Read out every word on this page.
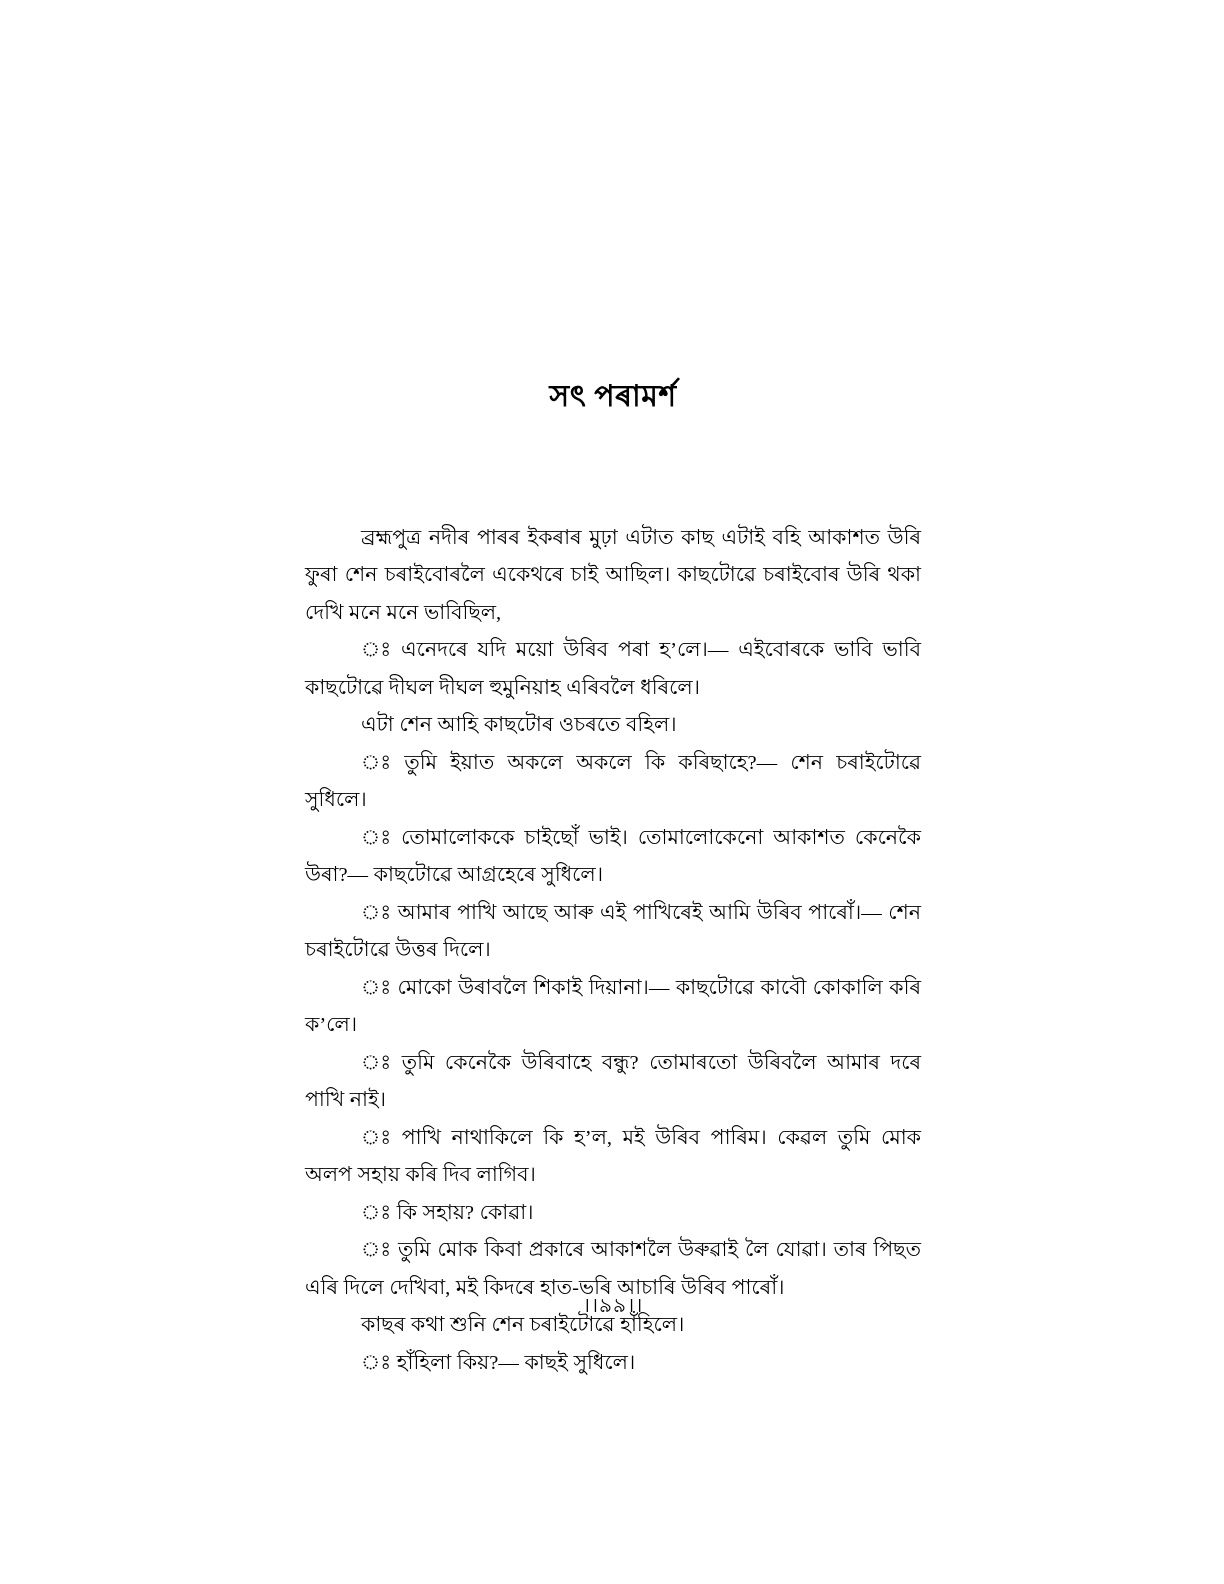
সৎ পৰামৰ্শ

ব্ৰহ্মপুত্ৰ নদীৰ পাৰৰ ইকৰাৰ মুঢ়া এটাত কাছ এটাই বহি আকাশত উৰি ফুৰা শেন চৰাইবোৰলৈ একেথৰে চাই আছিল। কাছটোৱে চৰাইবোৰ উৰি থকা দেখি মনে মনে ভাবিছিল,

ঃ এনেদৰে যদি ময়ো উৰিব পৰা হ’লে।— এইবোৰকে ভাবি ভাবি কাছটোৱে দীঘল দীঘল হুমুনিয়াহ এৰিবলৈ ধৰিলে।

এটা শেন আহি কাছটোৰ ওচৰতে বহিল।

ঃ তুমি ইয়াত অকলে অকলে কি কৰিছাহে?— শেন চৰাইটোৱে সুধিলে।

ঃ তোমালোককে চাইছোঁ ভাই। তোমালোকেনো আকাশত কেনেকৈ উৰা?— কাছটোৱে আগ্ৰহেৰে সুধিলে।

ঃ আমাৰ পাখি আছে আৰু এই পাখিৰেই আমি উৰিব পাৰোঁ।— শেন চৰাইটোৱে উত্তৰ দিলে।

ঃ মোকো উৰাবলৈ শিকাই দিয়ানা।— কাছটোৱে কাবৌ কোকালি কৰি ক’লে।

ঃ তুমি কেনেকৈ উৰিবাহে বন্ধু? তোমাৰতো উৰিবলৈ আমাৰ দৰে পাখি নাই।

ঃ পাখি নাথাকিলে কি হ’ল, মই উৰিব পাৰিম। কেৱল তুমি মোক অলপ সহায় কৰি দিব লাগিব।

ঃ কি সহায়? কোৱা।

ঃ তুমি মোক কিবা প্ৰকাৰে আকাশলৈ উৰুৱাই লৈ যোৱা। তাৰ পিছত এৰি দিলে দেখিবা, মই কিদৰে হাত-ভৰি আচাৰি উৰিব পাৰোঁ।

কাছৰ কথা শুনি শেন চৰাইটোৱে হাঁহিলে।

ঃ হাঁহিলা কিয়?— কাছই সুধিলে।

।।৯৯।।
